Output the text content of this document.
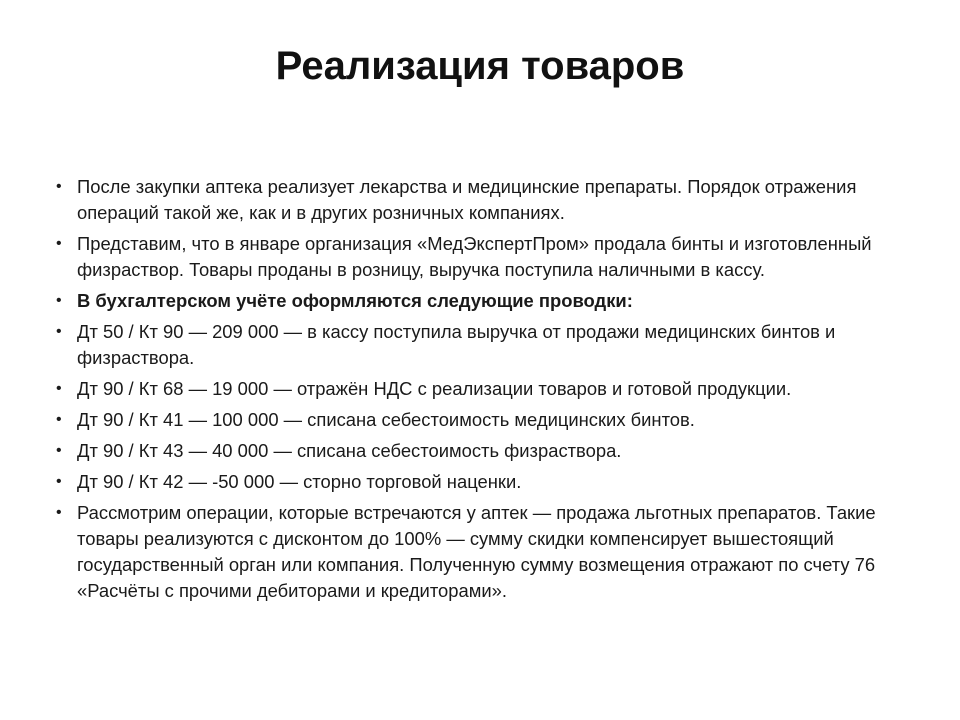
Реализация товаров
• После закупки аптека реализует лекарства и медицинские препараты. Порядок отражения операций такой же, как и в других розничных компаниях.
• Представим, что в январе организация «МедЭкспертПром» продала бинты и изготовленный физраствор. Товары проданы в розницу, выручка поступила наличными в кассу.
• В бухгалтерском учёте оформляются следующие проводки:
• Дт 50 / Кт 90 — 209 000 — в кассу поступила выручка от продажи медицинских бинтов и физраствора.
• Дт 90 / Кт 68 — 19 000 — отражён НДС с реализации товаров и готовой продукции.
• Дт 90 / Кт 41 — 100 000 — списана себестоимость медицинских бинтов.
• Дт 90 / Кт 43 — 40 000 — списана себестоимость физраствора.
• Дт 90 / Кт 42 — -50 000 — сторно торговой наценки.
• Рассмотрим операции, которые встречаются у аптек — продажа льготных препаратов. Такие товары реализуются с дисконтом до 100% — сумму скидки компенсирует вышестоящий государственный орган или компания. Полученную сумму возмещения отражают по счету 76 «Расчёты с прочими дебиторами и кредиторами».
